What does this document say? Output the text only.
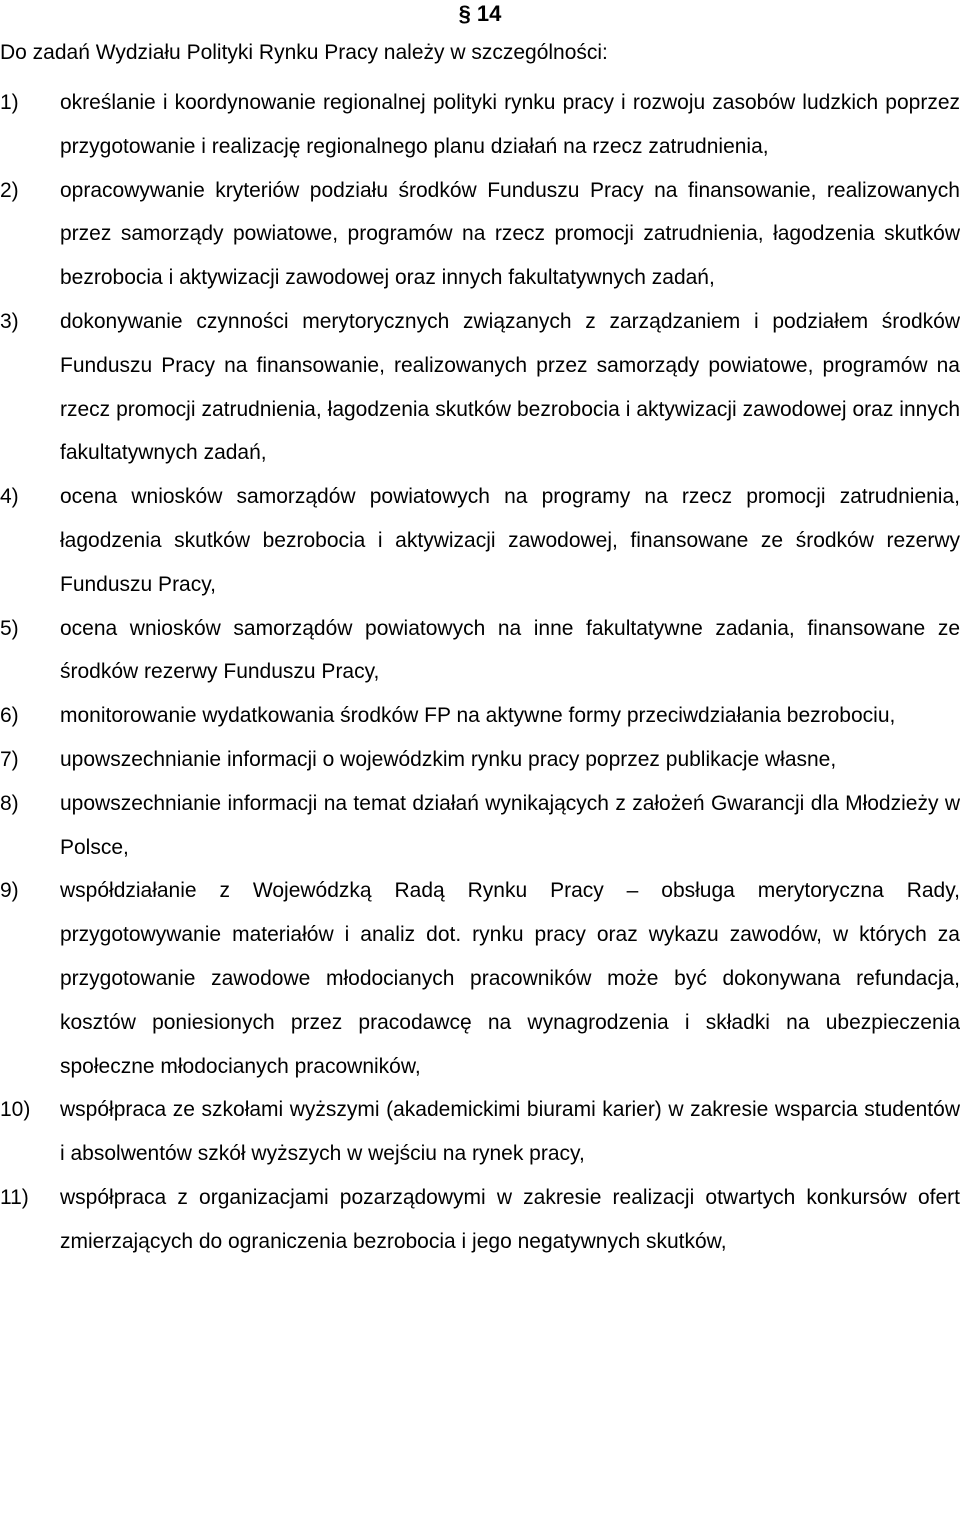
§ 14
Do zadań Wydziału Polityki Rynku Pracy należy w szczególności:
1)	określanie i koordynowanie regionalnej polityki rynku pracy i rozwoju zasobów ludzkich poprzez przygotowanie i realizację regionalnego planu działań na rzecz zatrudnienia,
2)	opracowywanie kryteriów podziału środków Funduszu Pracy na finansowanie, realizowanych przez samorządy powiatowe, programów na rzecz promocji zatrudnienia, łagodzenia skutków bezrobocia i aktywizacji zawodowej oraz innych fakultatywnych zadań,
3)	dokonywanie czynności merytorycznych związanych z zarządzaniem i podziałem środków Funduszu Pracy na finansowanie, realizowanych przez samorządy powiatowe, programów na rzecz promocji zatrudnienia, łagodzenia skutków bezrobocia i aktywizacji zawodowej oraz innych fakultatywnych zadań,
4)	ocena wniosków samorządów powiatowych na programy na rzecz promocji zatrudnienia, łagodzenia skutków bezrobocia i aktywizacji zawodowej, finansowane ze środków rezerwy Funduszu Pracy,
5)	ocena wniosków samorządów powiatowych na inne fakultatywne zadania, finansowane ze środków rezerwy Funduszu Pracy,
6)	monitorowanie wydatkowania środków FP na aktywne formy przeciwdziałania bezrobociu,
7)	upowszechnianie informacji o wojewódzkim rynku pracy poprzez publikacje własne,
8)	upowszechnianie informacji na temat działań wynikających z założeń Gwarancji dla Młodzieży w Polsce,
9)	współdziałanie z Wojewódzką Radą Rynku Pracy – obsługa merytoryczna Rady, przygotowywanie materiałów i analiz dot. rynku pracy oraz wykazu zawodów, w których za przygotowanie zawodowe młodocianych pracowników może być dokonywana refundacja, kosztów poniesionych przez pracodawcę na wynagrodzenia i składki na ubezpieczenia społeczne młodocianych pracowników,
10)	współpraca ze szkołami wyższymi (akademickimi biurami karier) w zakresie wsparcia studentów i absolwentów szkół wyższych w wejściu na rynek pracy,
11)	współpraca z organizacjami pozarządowymi w zakresie realizacji otwartych konkursów ofert zmierzających do ograniczenia bezrobocia i jego negatywnych skutków,
